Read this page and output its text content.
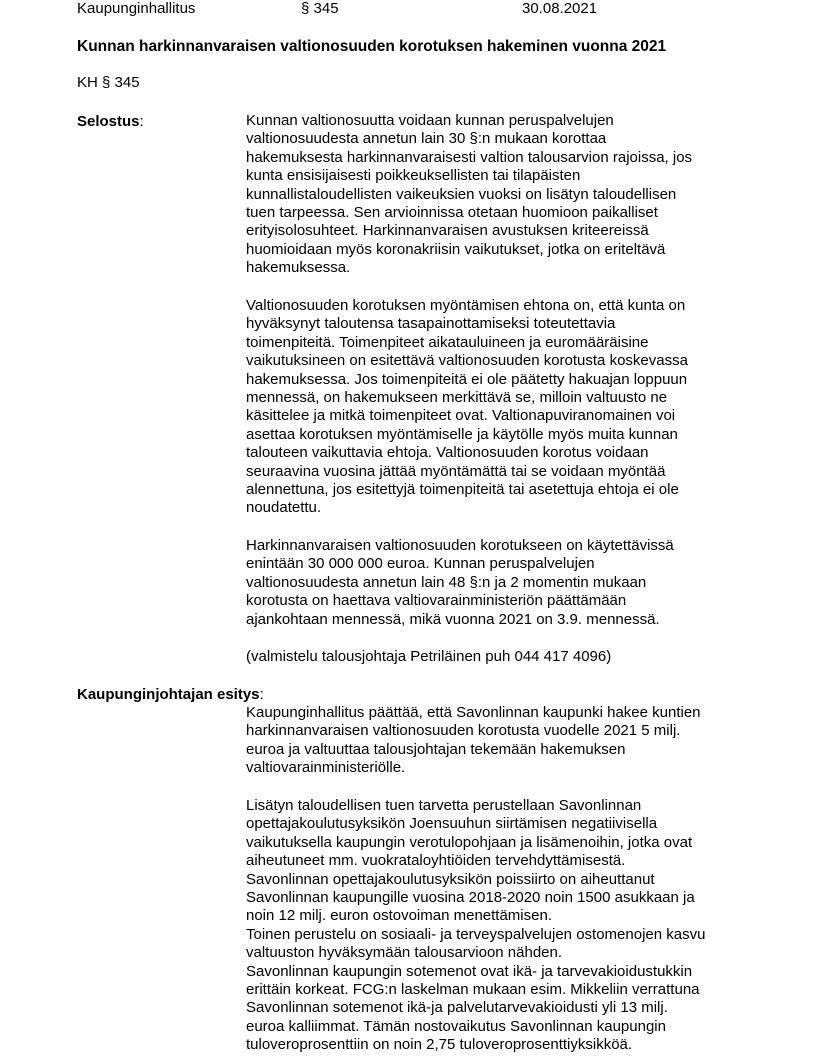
Kaupunginhallitus	§ 345	30.08.2021
Kunnan harkinnanvaraisen valtionosuuden korotuksen hakeminen vuonna 2021
KH § 345
Selostus:	Kunnan valtionosuutta voidaan kunnan peruspalvelujen
valtionosuudesta annetun lain 30 §:n mukaan korottaa
hakemuksesta harkinnanvaraisesti valtion talousarvion rajoissa, jos
kunta ensisijaisesti poikkeuksellisten tai tilapäisten
kunnallistaloudellisten vaikeuksien vuoksi on lisätyn taloudellisen
tuen tarpeessa. Sen arvioinnissa otetaan huomioon paikalliset
erityisolosuhteet. Harkinnanvaraisen avustuksen kriteereissä
huomioidaan myös koronakriisin vaikutukset, jotka on eriteltävä
hakemuksessa.
Valtionosuuden korotuksen myöntämisen ehtona on, että kunta on
hyväksynyt taloutensa tasapainottamiseksi toteutettavia
toimenpiteitä. Toimenpiteet aikatauluineen ja euromääräisine
vaikutuksineen on esitettävä valtionosuuden korotusta koskevassa
hakemuksessa. Jos toimenpiteitä ei ole päätetty hakuajan loppuun
mennessä, on hakemukseen merkittävä se, milloin valtuusto ne
käsittelee ja mitkä toimenpiteet ovat. Valtionapuviranomainen voi
asettaa korotuksen myöntämiselle ja käytölle myös muita kunnan
talouteen vaikuttavia ehtoja. Valtionosuuden korotus voidaan
seuraavina vuosina jättää myöntämättä tai se voidaan myöntää
alennettuna, jos esitettyjä toimenpiteitä tai asetettuja ehtoja ei ole
noudatettu.
Harkinnanvaraisen valtionosuuden korotukseen on käytettävissä
enintään 30 000 000 euroa. Kunnan peruspalvelujen
valtionosuudesta annetun lain 48 §:n ja 2 momentin mukaan
korotusta on haettava valtiovarainministeriön päättämään
ajankohtaan mennessä, mikä vuonna 2021 on 3.9. mennessä.
(valmistelu talousjohtaja Petriläinen puh 044 417 4096)
Kaupunginjohtajan esitys:
Kaupunginhallitus päättää, että Savonlinnan kaupunki hakee kuntien
harkinnanvaraisen valtionosuuden korotusta vuodelle 2021 5 milj.
euroa ja valtuuttaa talousjohtajan tekemään hakemuksen
valtiovarainministeriölle.
Lisätyn taloudellisen tuen tarvetta perustellaan Savonlinnan
opettajakoulutusyksikön Joensuuhun siirtämisen negatiivisella
vaikutuksella kaupungin verotulopohjaan ja lisämenoihin, jotka ovat
aiheutuneet mm. vuokrataloyhtiöiden tervehdyttämisestä.
Savonlinnan opettajakoulutusyksikön poissiirto on aiheuttanut
Savonlinnan kaupungille vuosina 2018-2020 noin 1500 asukkaan ja
noin 12 milj. euron ostovoiman menettämisen.
Toinen perustelu on sosiaali- ja terveyspalvelujen ostomenojen kasvu
valtuuston hyväksymään talousarvioon nähden.
Savonlinnan kaupungin sotemenot ovat ikä- ja tarvevakioidustukkin
erittäin korkeat. FCG:n laskelman mukaan esim. Mikkeliin verrattuna
Savonlinnan sotemenot ikä-ja palvelutarvevakioidusti yli 13 milj.
euroa kalliimmat. Tämän nostovaikutus Savonlinnan kaupungin
tuloveroprosenttiin on noin 2,75 tuloveroprosenttiyksikköä.
